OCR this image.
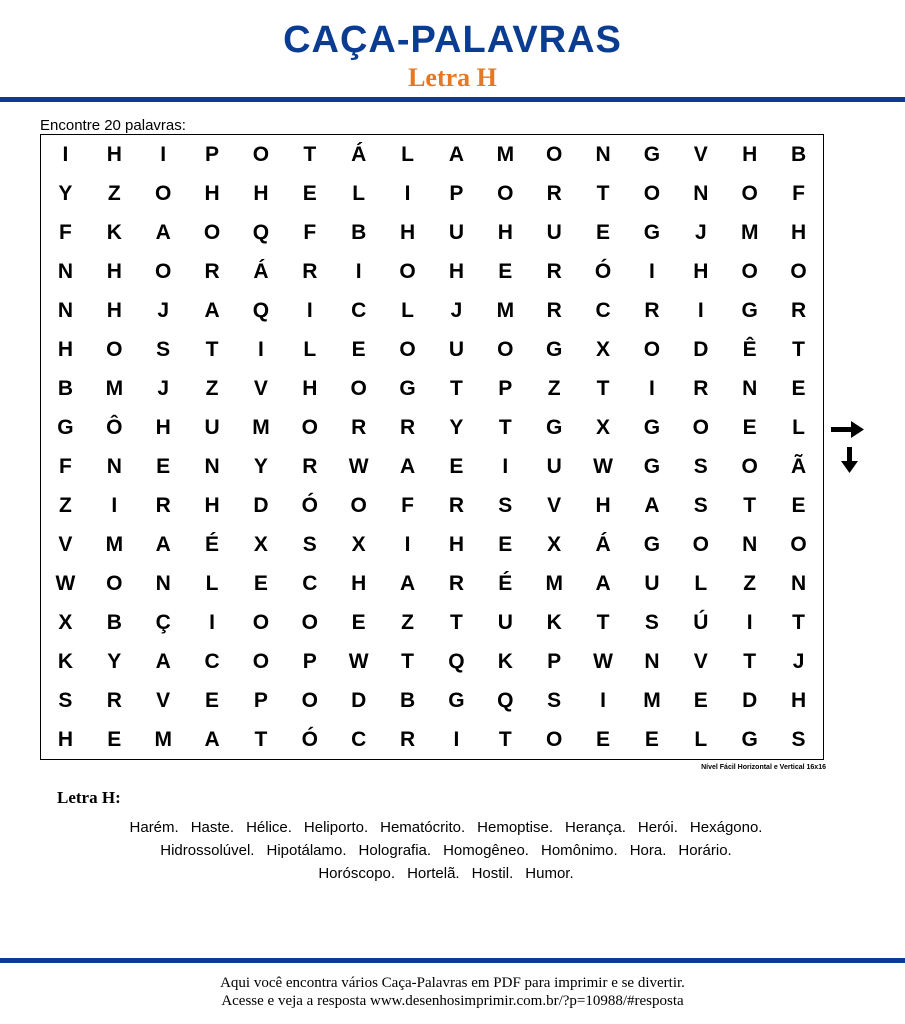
CAÇA-PALAVRAS
Letra H
Encontre 20 palavras:
I	H	I	P	O	T	Á	L	A	M	O	N	G	V	H	B
Y	Z	O	H	H	E	L	I	P	O	R	T	O	N	O	F
F	K	A	O	Q	F	B	H	U	H	U	E	G	J	M	H
N	H	O	R	Á	R	I	O	H	E	R	Ó	I	H	O	O
N	H	J	A	Q	I	C	L	J	M	R	C	R	I	G	R
H	O	S	T	I	L	E	O	U	O	G	X	O	D	Ê	T
B	M	J	Z	V	H	O	G	T	P	Z	T	I	R	N	E
G	Ô	H	U	M	O	R	R	Y	T	G	X	G	O	E	L
F	N	E	N	Y	R	W	A	E	I	U	W	G	S	O	Ã
Z	I	R	H	D	Ó	O	F	R	S	V	H	A	S	T	E
V	M	A	É	X	S	X	I	H	E	X	Á	G	O	N	O
W	O	N	L	E	C	H	A	R	É	M	A	U	L	Z	N
X	B	Ç	I	O	O	E	Z	T	U	K	T	S	Ú	I	T
K	Y	A	C	O	P	W	T	Q	K	P	W	N	V	T	J
S	R	V	E	P	O	D	B	G	Q	S	I	M	E	D	H
H	E	M	A	T	Ó	C	R	I	T	O	E	E	L	G	S
Nível Fácil Horizontal e Vertical 16x16
Letra H:
Harém. Haste. Hélice. Heliporto. Hematócrito. Hemoptise. Herança. Herói. Hexágono.
Hidrossolúvel. Hipotálamo. Holografia. Homogêneo. Homônimo. Hora. Horário.
Horóscopo. Hortelã. Hostil. Humor.
Aqui você encontra vários Caça-Palavras em PDF para imprimir e se divertir.
Acesse e veja a resposta www.desenhosimprimir.com.br/?p=10988/#resposta
